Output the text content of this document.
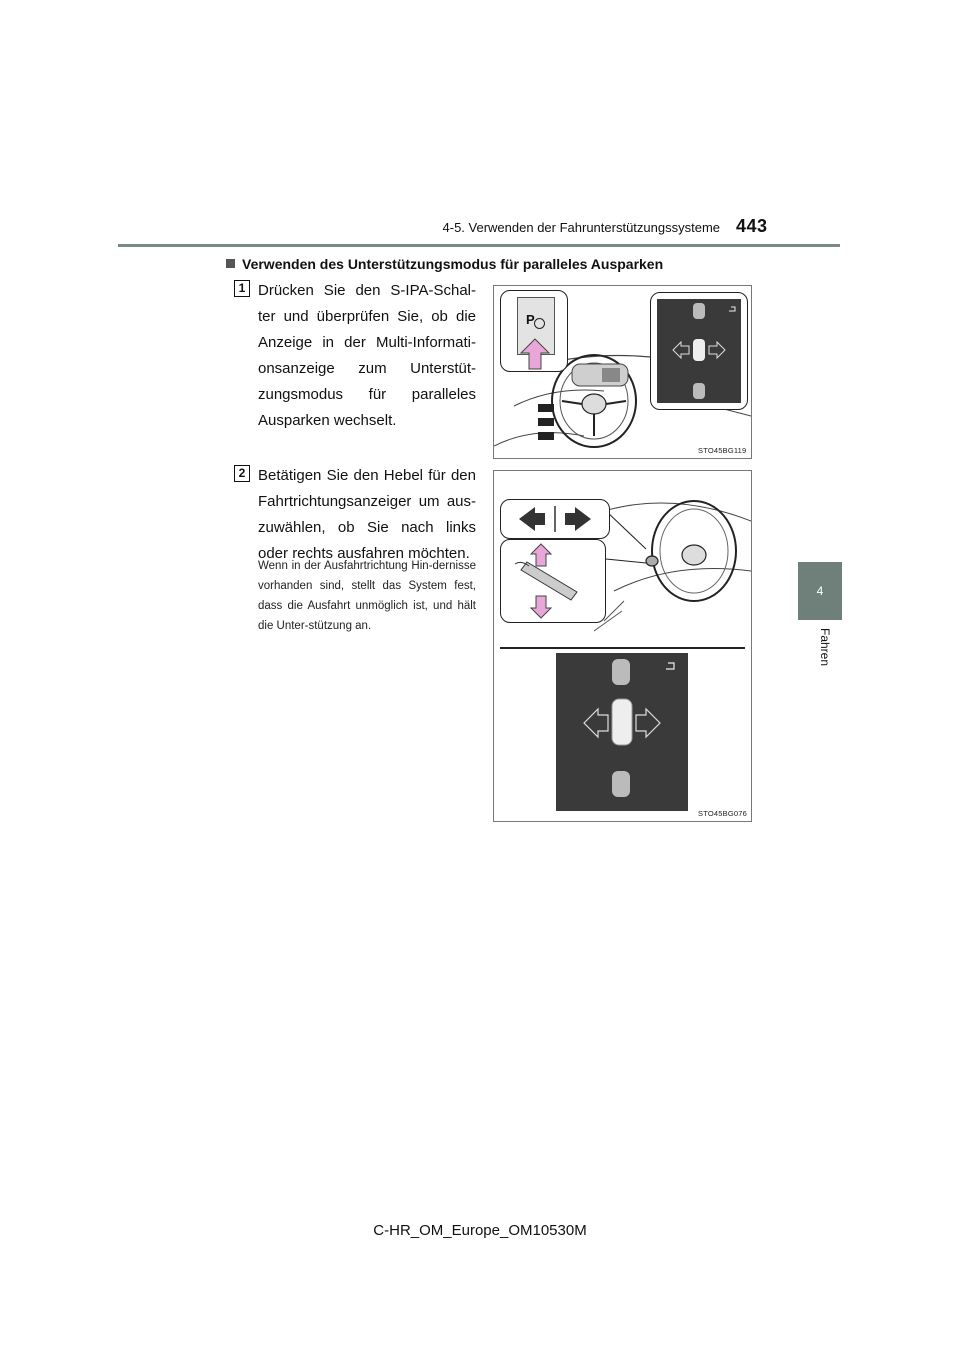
4-5. Verwenden der Fahrunterstützungssysteme 443
4
Fahren
Verwenden des Unterstützungsmodus für paralleles Ausparken
1 Drücken Sie den S-IPA-Schal-ter und überprüfen Sie, ob die Anzeige in der Multi-Informati-onsanzeige zum Unterstüt-zungsmodus für paralleles Ausparken wechselt.
P
STO45BG119
2 Betätigen Sie den Hebel für den Fahrtrichtungsanzeiger um aus-zuwählen, ob Sie nach links oder rechts ausfahren möchten.
Wenn in der Ausfahrtrichtung Hin-dernisse vorhanden sind, stellt das System fest, dass die Ausfahrt unmöglich ist, und hält die Unter-stützung an.
STO45BG076
C-HR_OM_Europe_OM10530M
